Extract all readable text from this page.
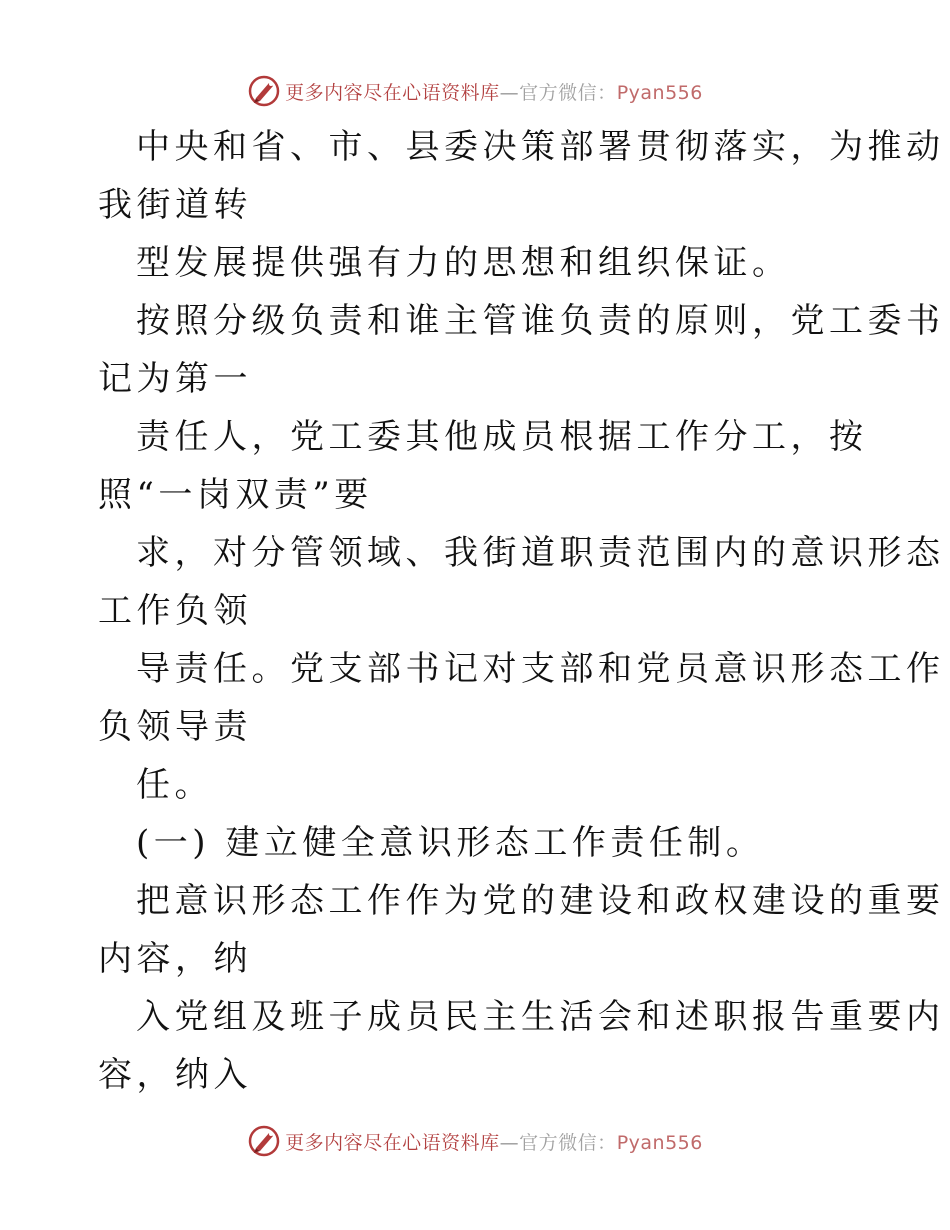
更多内容尽在心语资料库—官方微信：Pyan556
中央和省、市、县委决策部署贯彻落实，为推动
我街道转
型发展提供强有力的思想和组织保证。
按照分级负责和谁主管谁负责的原则，党工委书
记为第一
责任人，党工委其他成员根据工作分工，按
照“一岗双责”要
求，对分管领域、我街道职责范围内的意识形态
工作负领
导责任。党支部书记对支部和党员意识形态工作
负领导责
任。
(一) 建立健全意识形态工作责任制。
把意识形态工作作为党的建设和政权建设的重要
内容，纳
入党组及班子成员民主生活会和述职报告重要内
容，纳入
更多内容尽在心语资料库—官方微信：Pyan556
